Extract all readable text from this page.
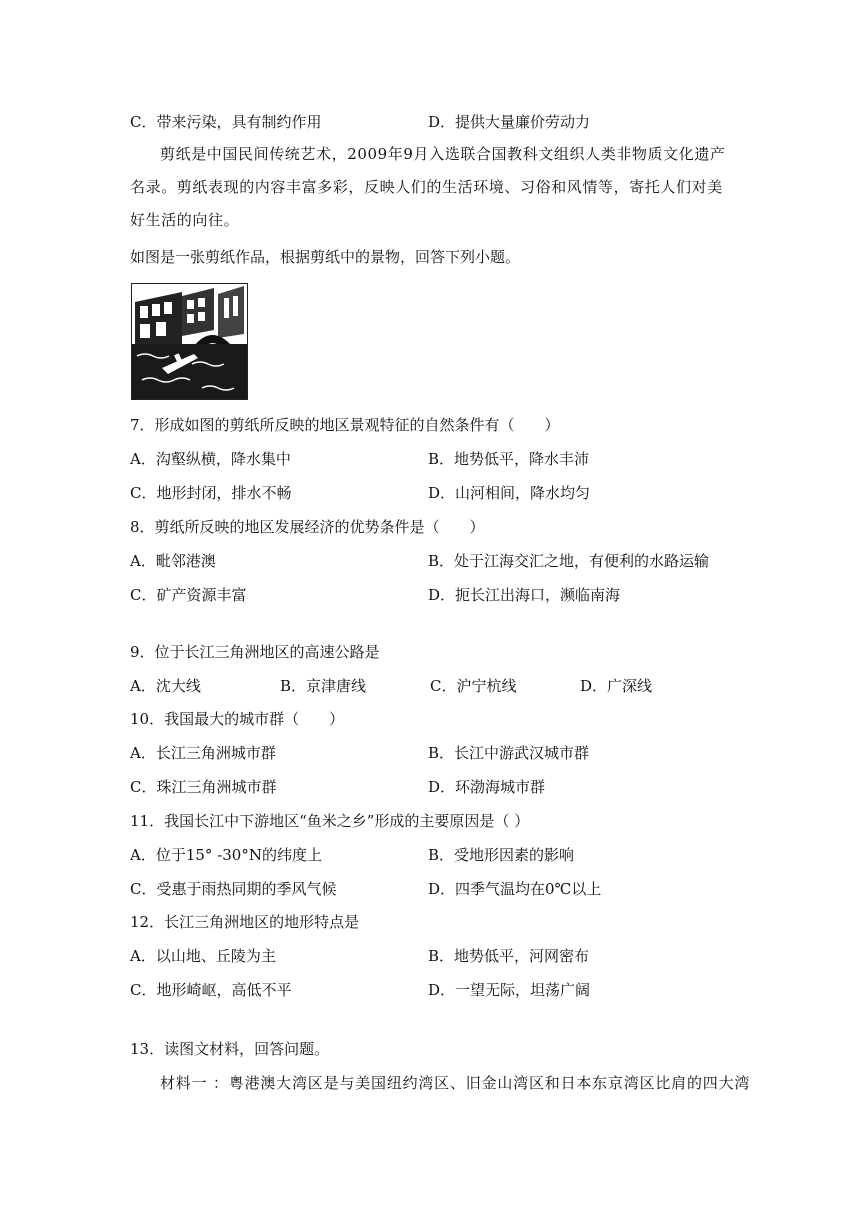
C．带来污染，具有制约作用	D．提供大量廉价劳动力
剪纸是中国民间传统艺术，2009年9月入选联合国教科文组织人类非物质文化遗产名录。剪纸表现的内容丰富多彩，反映人们的生活环境、习俗和风情等，寄托人们对美好生活的向往。
如图是一张剪纸作品，根据剪纸中的景物，回答下列小题。
7．形成如图的剪纸所反映的地区景观特征的自然条件有（　　）
A．沟壑纵横，降水集中	B．地势低平，降水丰沛
C．地形封闭，排水不畅	D．山河相间，降水均匀
8．剪纸所反映的地区发展经济的优势条件是（　　）
A．毗邻港澳	B．处于江海交汇之地，有便利的水路运输
C．矿产资源丰富	D．扼长江出海口，濒临南海
9．位于长江三角洲地区的高速公路是
A．沈大线	B．京津唐线	C．沪宁杭线	D．广深线
10．我国最大的城市群（　　）
A．长江三角洲城市群	B．长江中游武汉城市群
C．珠江三角洲城市群	D．环渤海城市群
11．我国长江中下游地区“鱼米之乡”形成的主要原因是（ ）
A．位于15° -30°N的纬度上	B．受地形因素的影响
C．受惠于雨热同期的季风气候	D．四季气温均在0℃以上
12．长江三角洲地区的地形特点是
A．以山地、丘陵为主	B．地势低平，河网密布
C．地形崎岖，高低不平	D．一望无际，坦荡广阔
13．读图文材料，回答问题。
材料一 ：粤港澳大湾区是与美国纽约湾区、旧金山湾区和日本东京湾区比肩的四大湾
